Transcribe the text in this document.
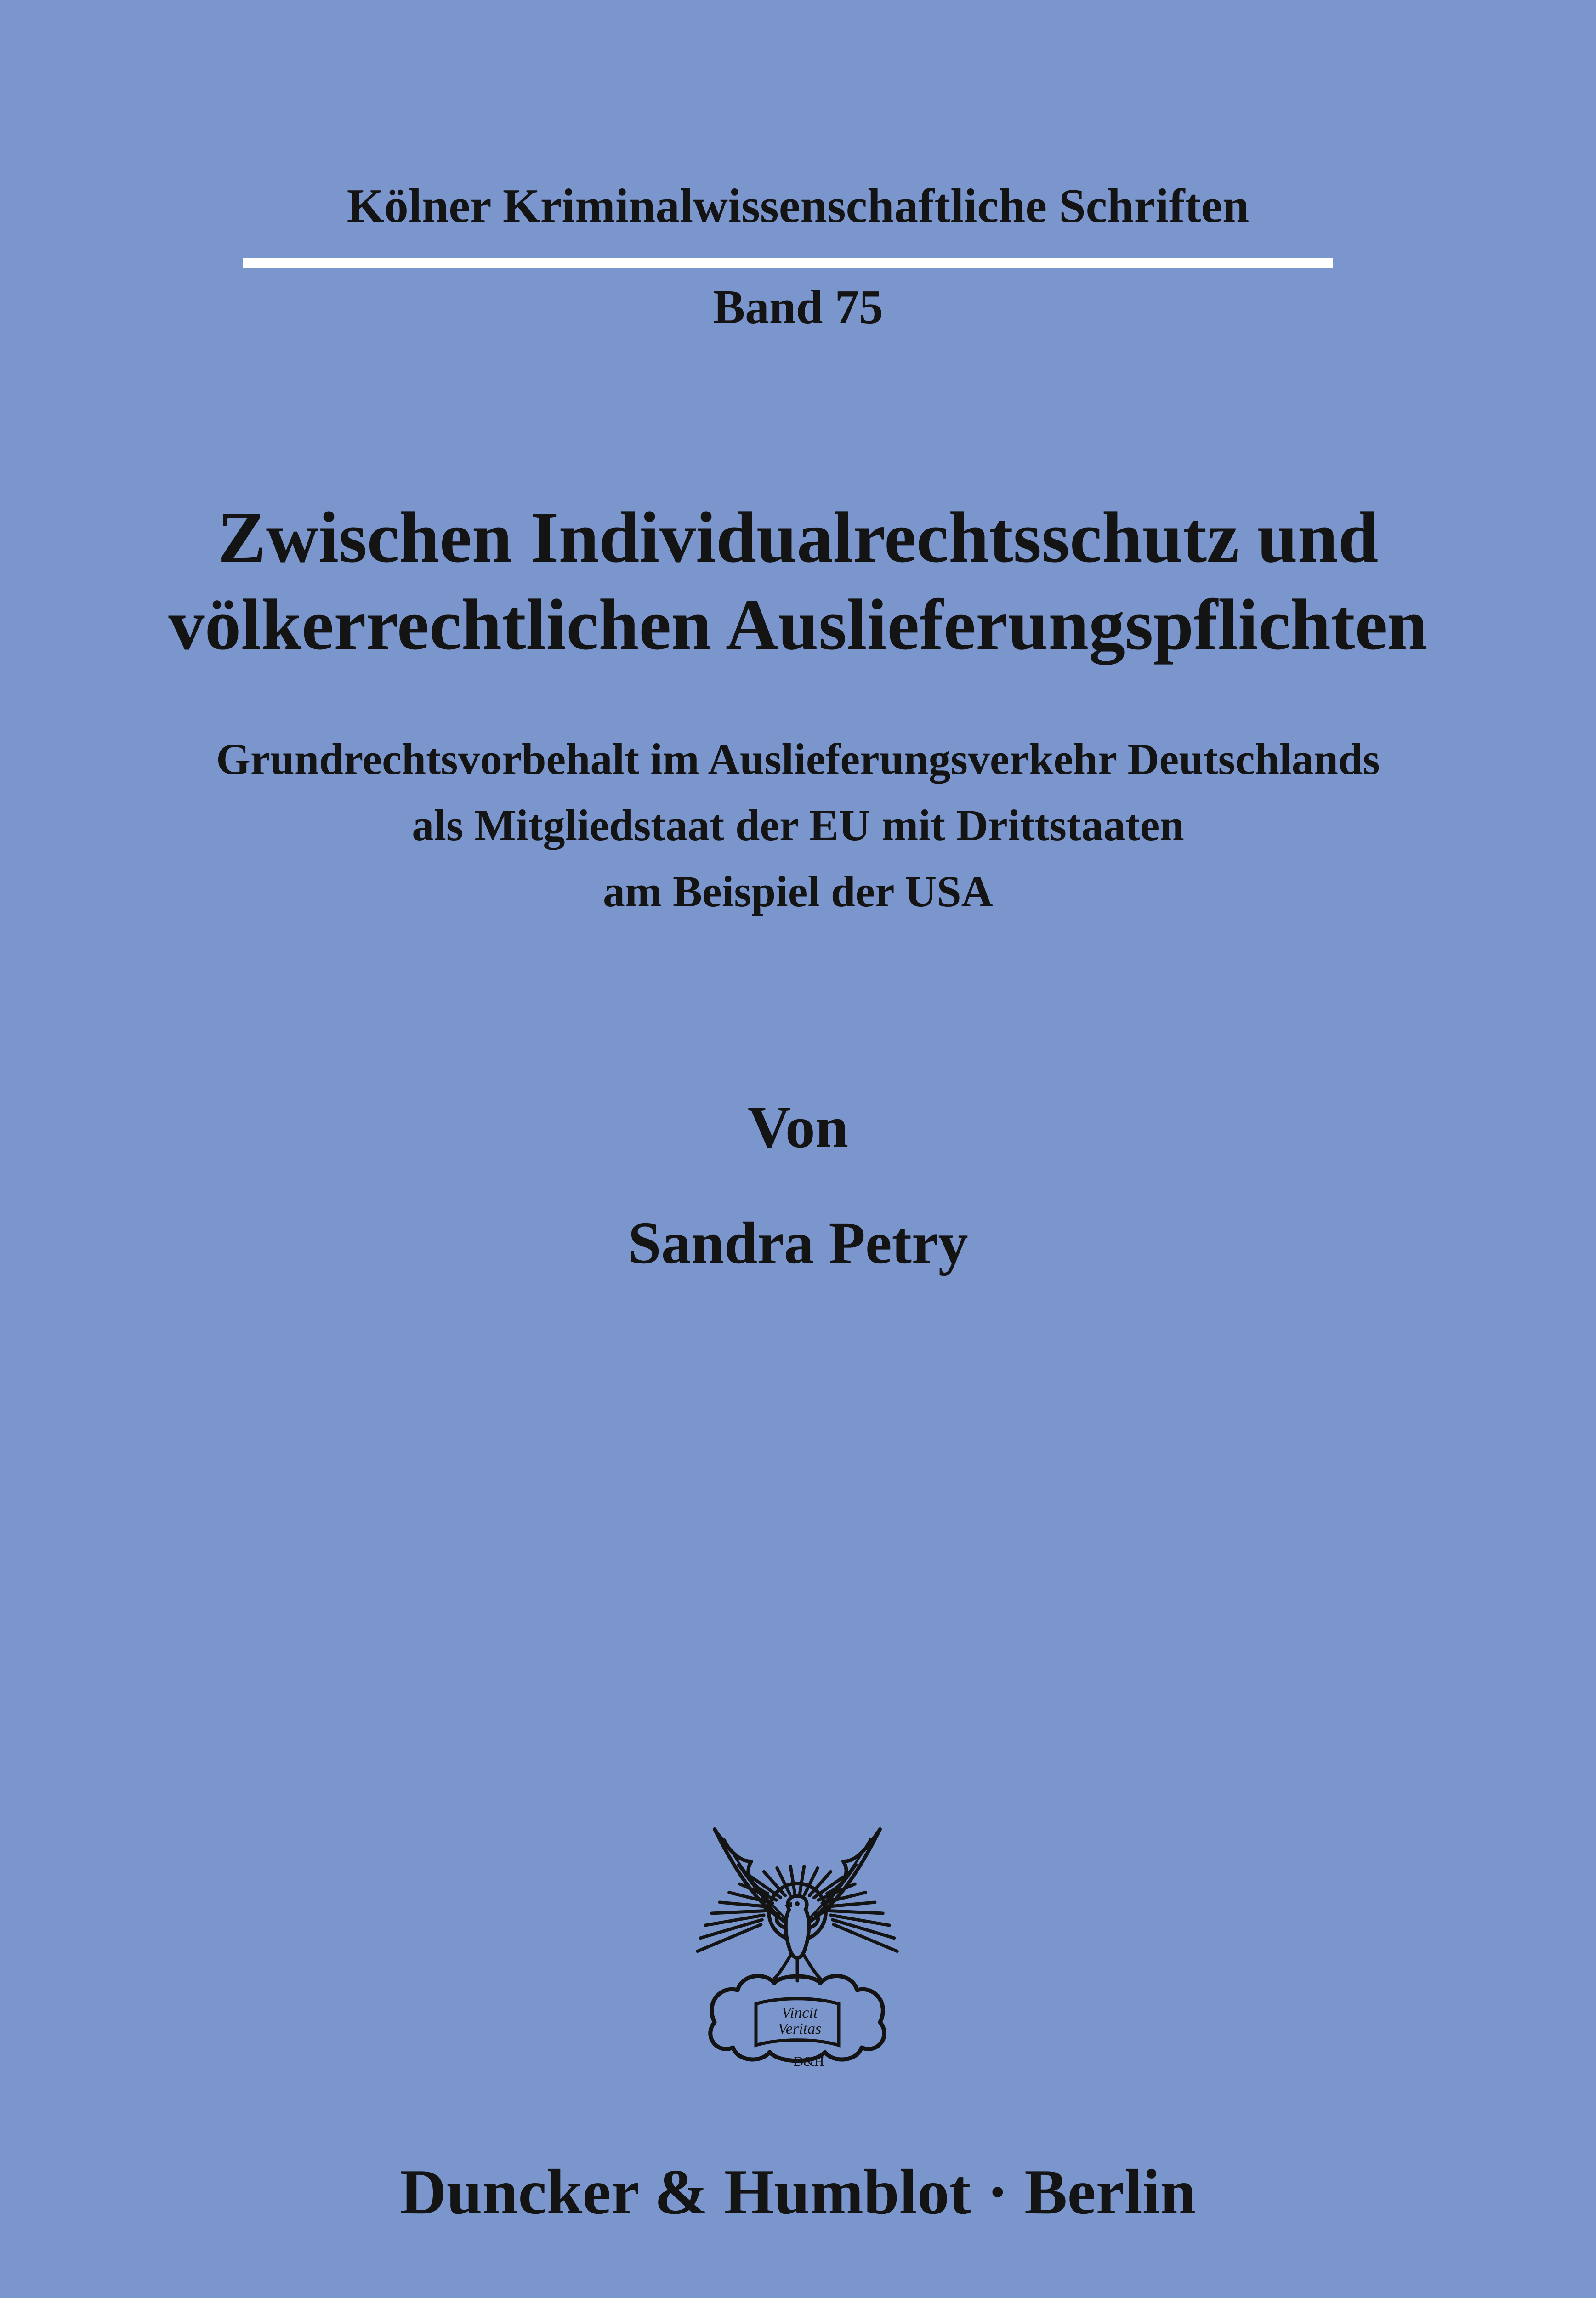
Kölner Kriminalwissenschaftliche Schriften
Band 75
Zwischen Individualrechtsschutz und
völkerrechtlichen Auslieferungspflichten
Grundrechtsvorbehalt im Auslieferungsverkehr Deutschlands
als Mitgliedstaat der EU mit Drittstaaten
am Beispiel der USA
Von
Sandra Petry
Vincit
Veritas
D&H
Duncker & Humblot · Berlin
